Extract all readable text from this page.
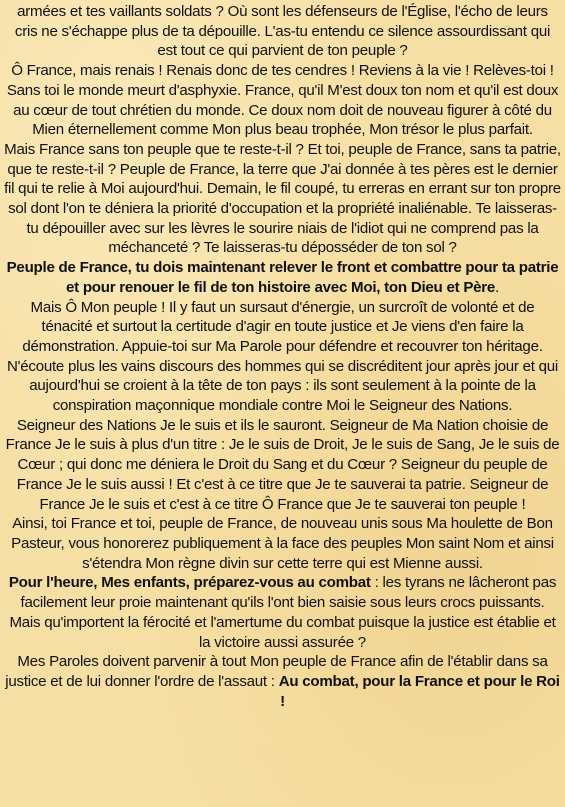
armées et tes vaillants soldats ? Où sont les défenseurs de l'Église, l'écho de leurs cris ne s'échappe plus de ta dépouille. L'as-tu entendu ce silence assourdissant qui est tout ce qui parvient de ton peuple ?

Ô France, mais renais ! Renais donc de tes cendres ! Reviens à la vie ! Relèves-toi ! Sans toi le monde meurt d'asphyxie. France, qu'il M'est doux ton nom et qu'il est doux au cœur de tout chrétien du monde. Ce doux nom doit de nouveau figurer à côté du Mien éternellement comme Mon plus beau trophée, Mon trésor le plus parfait.

Mais France sans ton peuple que te reste-t-il ? Et toi, peuple de France, sans ta patrie, que te reste-t-il ? Peuple de France, la terre que J'ai donnée à tes pères est le dernier fil qui te relie à Moi aujourd'hui. Demain, le fil coupé, tu erreras en errant sur ton propre sol dont l'on te déniera la priorité d'occupation et la propriété inaliénable. Te laisseras-tu dépouiller avec sur les lèvres le sourire niais de l'idiot qui ne comprend pas la méchanceté ? Te laisseras-tu déposséder de ton sol ?

Peuple de France, tu dois maintenant relever le front et combattre pour ta patrie et pour renouer le fil de ton histoire avec Moi, ton Dieu et Père.

Mais Ô Mon peuple ! Il y faut un sursaut d'énergie, un surcroît de volonté et de ténacité et surtout la certitude d'agir en toute justice et Je viens d'en faire la démonstration. Appuie-toi sur Ma Parole pour défendre et recouvrer ton héritage. N'écoute plus les vains discours des hommes qui se discréditent jour après jour et qui aujourd'hui se croient à la tête de ton pays : ils sont seulement à la pointe de la conspiration maçonnique mondiale contre Moi le Seigneur des Nations.

Seigneur des Nations Je le suis et ils le sauront. Seigneur de Ma Nation choisie de France Je le suis à plus d'un titre : Je le suis de Droit, Je le suis de Sang, Je le suis de Cœur ; qui donc me déniera le Droit du Sang et du Cœur ? Seigneur du peuple de France Je le suis aussi ! Et c'est à ce titre que Je te sauverai ta patrie. Seigneur de France Je le suis et c'est à ce titre Ô France que Je te sauverai ton peuple !

Ainsi, toi France et toi, peuple de France, de nouveau unis sous Ma houlette de Bon Pasteur, vous honorerez publiquement à la face des peuples Mon saint Nom et ainsi s'étendra Mon règne divin sur cette terre qui est Mienne aussi.

Pour l'heure, Mes enfants, préparez-vous au combat : les tyrans ne lâcheront pas facilement leur proie maintenant qu'ils l'ont bien saisie sous leurs crocs puissants. Mais qu'importent la férocité et l'amertume du combat puisque la justice est établie et la victoire aussi assurée ?

Mes Paroles doivent parvenir à tout Mon peuple de France afin de l'établir dans sa justice et de lui donner l'ordre de l'assaut : Au combat, pour la France et pour le Roi !
